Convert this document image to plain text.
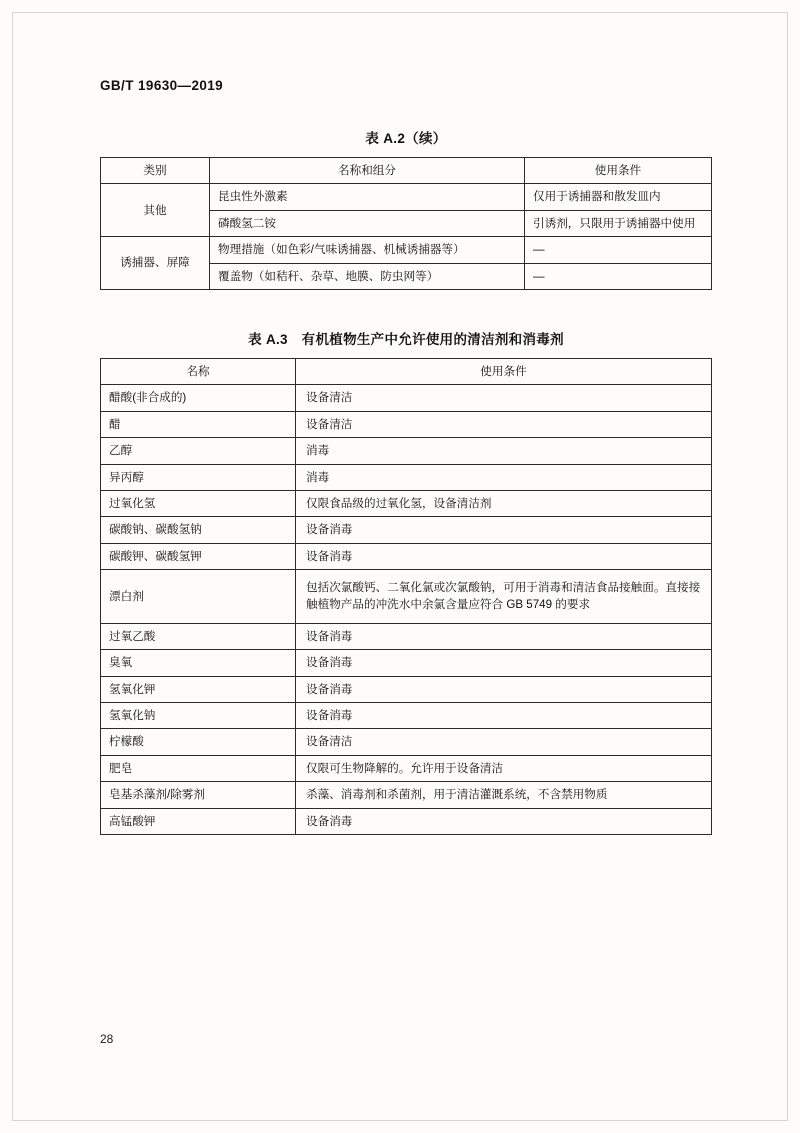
GB/T 19630—2019
表 A.2（续）
类别	名称和组分	使用条件
其他	昆虫性外激素	仅用于诱捕器和散发皿内
	磷酸氢二铵	引诱剂，只限用于诱捕器中使用
诱捕器、屏障	物理措施（如色彩/气味诱捕器、机械诱捕器等）	—
	覆盖物（如秸秆、杂草、地膜、防虫网等）	—
表 A.3　有机植物生产中允许使用的清洁剂和消毒剂
名称	使用条件
醋酸(非合成的)	设备清洁
醋	设备清洁
乙醇	消毒
异丙醇	消毒
过氧化氢	仅限食品级的过氧化氢，设备清洁剂
碳酸钠、碳酸氢钠	设备消毒
碳酸钾、碳酸氢钾	设备消毒
漂白剂	包括次氯酸钙、二氧化氯或次氯酸钠，可用于消毒和清洁食品接触面。直接接触植物产品的冲洗水中余氯含量应符合 GB 5749 的要求
过氧乙酸	设备消毒
臭氧	设备消毒
氢氧化钾	设备消毒
氢氧化钠	设备消毒
柠檬酸	设备清洁
肥皂	仅限可生物降解的。允许用于设备清洁
皂基杀藻剂/除雾剂	杀藻、消毒剂和杀菌剂，用于清洁灌溉系统，不含禁用物质
高锰酸钾	设备消毒
28
